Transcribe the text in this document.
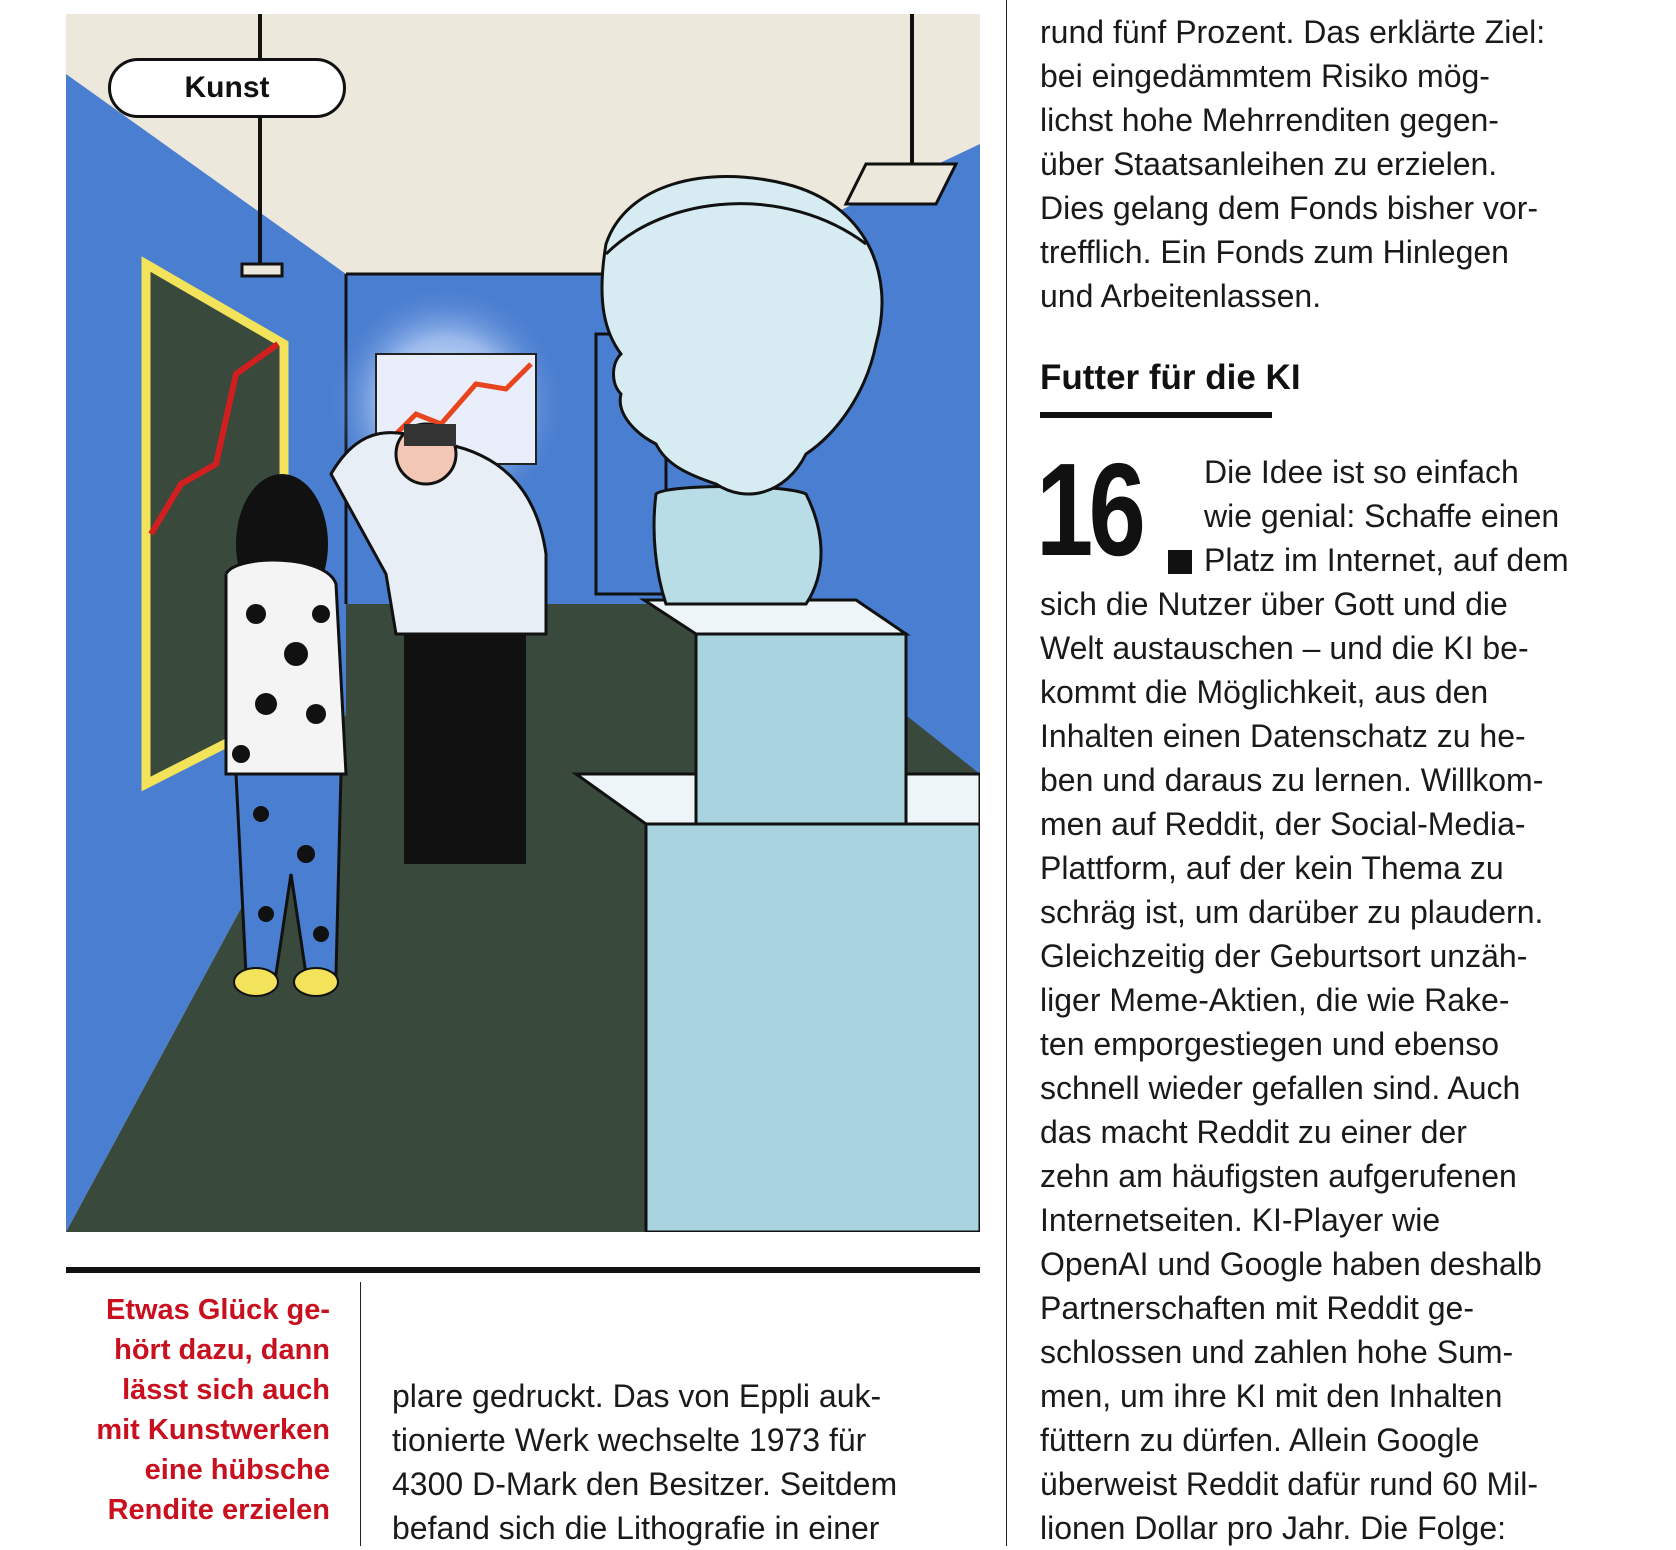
Kunst
Etwas Glück ge-
hört dazu, dann
lässt sich auch
mit Kunstwerken
eine hübsche
Rendite erzielen
plare gedruckt. Das von Eppli auk-
tionierte Werk wechselte 1973 für
4300 D-Mark den Besitzer. Seitdem
befand sich die Lithografie in einer
rund fünf Prozent. Das erklärte Ziel:
bei eingedämmtem Risiko mög-
lichst hohe Mehrrenditen gegen-
über Staatsanleihen zu erzielen.
Dies gelang dem Fonds bisher vor-
trefflich. Ein Fonds zum Hinlegen
und Arbeitenlassen.
Futter für die KI
16 Die Idee ist so einfach
wie genial: Schaffe einen
Platz im Internet, auf dem
sich die Nutzer über Gott und die
Welt austauschen – und die KI be-
kommt die Möglichkeit, aus den
Inhalten einen Datenschatz zu he-
ben und daraus zu lernen. Willkom-
men auf Reddit, der Social-Media-
Plattform, auf der kein Thema zu
schräg ist, um darüber zu plaudern.
Gleichzeitig der Geburtsort unzäh-
liger Meme-Aktien, die wie Rake-
ten emporgestiegen und ebenso
schnell wieder gefallen sind. Auch
das macht Reddit zu einer der
zehn am häufigsten aufgerufenen
Internetseiten. KI-Player wie
OpenAI und Google haben deshalb
Partnerschaften mit Reddit ge-
schlossen und zahlen hohe Sum-
men, um ihre KI mit den Inhalten
füttern zu dürfen. Allein Google
überweist Reddit dafür rund 60 Mil-
lionen Dollar pro Jahr. Die Folge:
